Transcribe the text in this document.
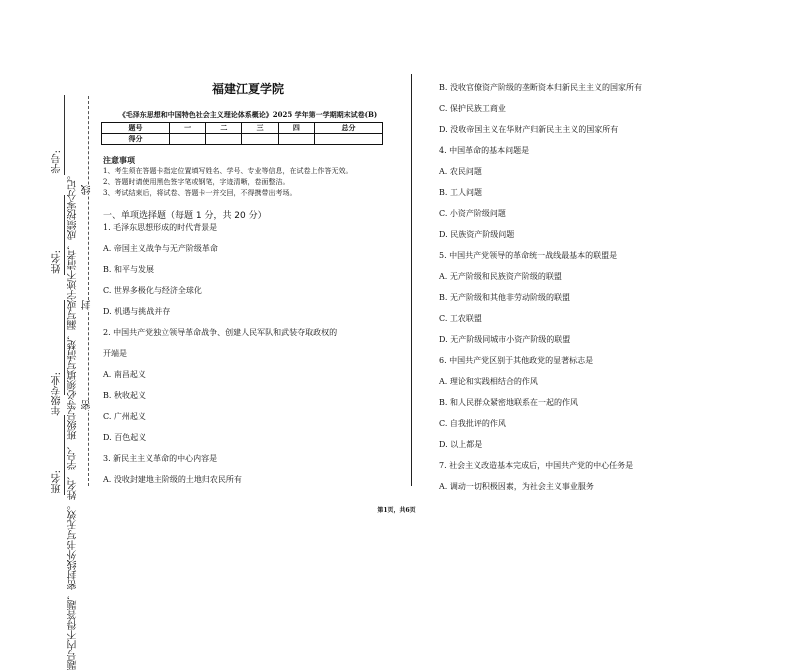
学号:
姓名:
年级专业:
班名: 题号内不得答题，密封线外书写无效。姓名、学号、班级号等必须填写清楚，漏写或字迹不清者，成绩按零分记。 线
封
密
福建江夏学院
《毛泽东思想和中国特色社会主义理论体系概论》2025 学年第一学期期末试卷(B)
题号	一	二	三	四	总分
得分					
注意事项
1、考生须在答题卡指定位置填写姓名、学号、专业等信息，在试卷上作答无效。
2、答题时请使用黑色签字笔或钢笔，字迹清晰，卷面整洁。
3、考试结束后，将试卷、答题卡一并交回，不得携带出考场。
一、单项选择题（每题 1 分，共 20 分）
1. 毛泽东思想形成的时代背景是
A. 帝国主义战争与无产阶级革命
B. 和平与发展
C. 世界多极化与经济全球化
D. 机遇与挑战并存
2. 中国共产党独立领导革命战争、创建人民军队和武装夺取政权的
开端是
A. 南昌起义
B. 秋收起义
C. 广州起义
D. 百色起义
3. 新民主主义革命的中心内容是
A. 没收封建地主阶级的土地归农民所有
B. 没收官僚资产阶级的垄断资本归新民主主义的国家所有
C. 保护民族工商业
D. 没收帝国主义在华财产归新民主主义的国家所有
4. 中国革命的基本问题是
A. 农民问题
B. 工人问题
C. 小资产阶级问题
D. 民族资产阶级问题
5. 中国共产党领导的革命统一战线最基本的联盟是
A. 无产阶级和民族资产阶级的联盟
B. 无产阶级和其他非劳动阶级的联盟
C. 工农联盟
D. 无产阶级同城市小资产阶级的联盟
6. 中国共产党区别于其他政党的显著标志是
A. 理论和实践相结合的作风
B. 和人民群众紧密地联系在一起的作风
C. 自我批评的作风
D. 以上都是
7. 社会主义改造基本完成后，中国共产党的中心任务是
A. 调动一切积极因素，为社会主义事业服务
第1页，共6页
